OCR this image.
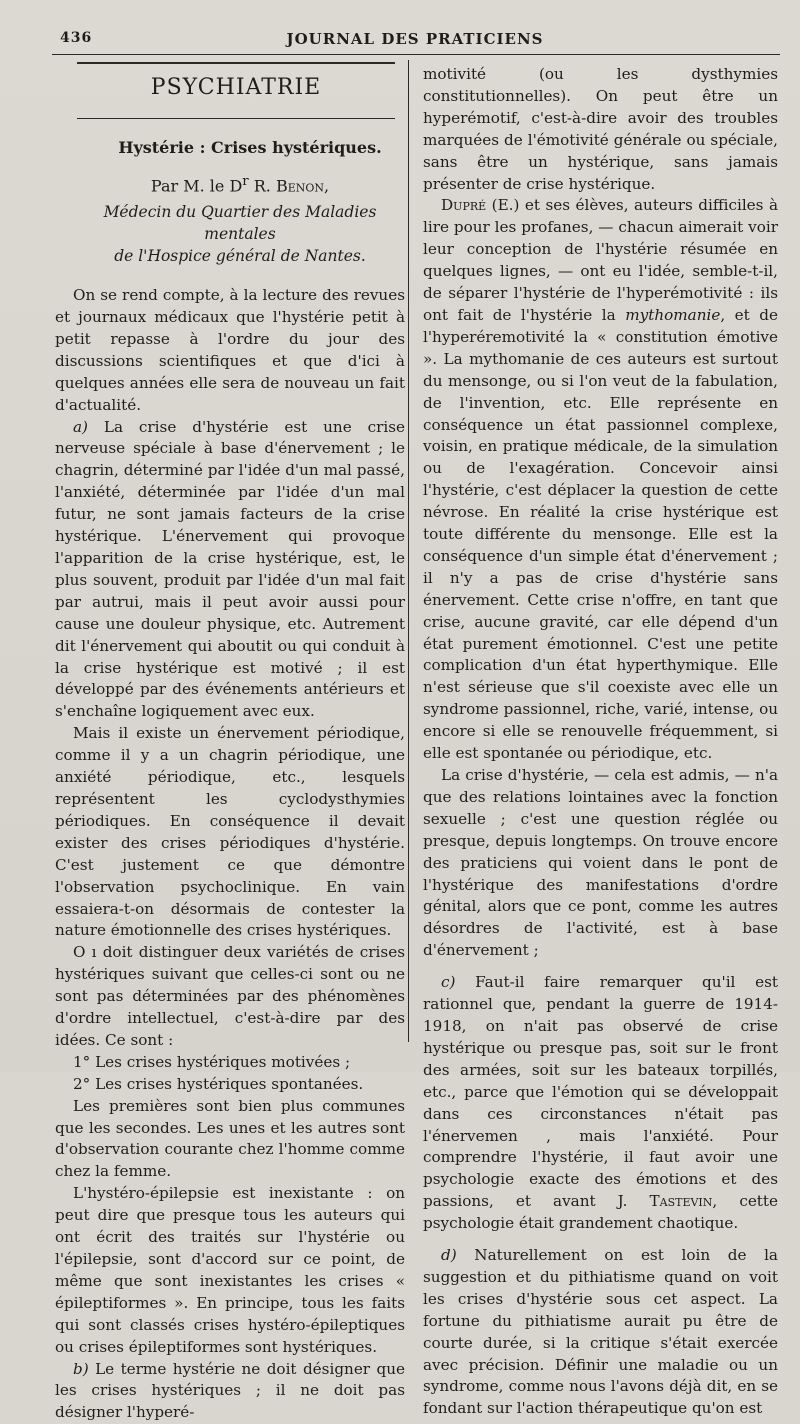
436	JOURNAL DES PRATICIENS
PSYCHIATRIE
Hystérie : Crises hystériques.
Par M. le $D^r$ R. Benon,
Médecin du Quartier des Maladies mentales
de l'Hospice général de Nantes.

On se rend compte, à la lecture des revues et journaux médicaux que l'hystérie petit à petit repasse à l'ordre du jour des discussions scientifiques et que d'ici à quelques années elle sera de nouveau un fait d'actualité.

a) La crise d'hystérie est une crise nerveuse spéciale à base d'énervement ; le chagrin, déterminé par l'idée d'un mal passé, l'anxiété, déterminée par l'idée d'un mal futur, ne sont jamais facteurs de la crise hystérique. L'énervement qui provoque l'apparition de la crise hystérique, est, le plus souvent, produit par l'idée d'un mal fait par autrui, mais il peut avoir aussi pour cause une douleur physique, etc. Autrement dit l'énervement qui aboutit ou qui conduit à la crise hystérique est motivé ; il est développé par des événements antérieurs et s'enchaîne logiquement avec eux.

Mais il existe un énervement périodique, comme il y a un chagrin périodique, une anxiété périodique, etc., lesquels représentent les cyclodysthymies périodiques. En conséquence il devait exister des crises périodiques d'hystérie. C'est justement ce que démontre l'observation psychoclinique. En vain essaiera-t-on désormais de contester la nature émotionnelle des crises hystériques.

O ı doit distinguer deux variétés de crises hystériques suivant que celles-ci sont ou ne sont pas déterminées par des phénomènes d'ordre intellectuel, c'est-à-dire par des idées. Ce sont :

1° Les crises hystériques motivées ;
2° Les crises hystériques spontanées.

Les premières sont bien plus communes que les secondes. Les unes et les autres sont d'observation courante chez l'homme comme chez la femme.

L'hystéro-épilepsie est inexistante : on peut dire que presque tous les auteurs qui ont écrit des traités sur l'hystérie ou l'épilepsie, sont d'accord sur ce point, de même que sont inexistantes les crises « épileptiformes ». En principe, tous les faits qui sont classés crises hystéro-épileptiques ou crises épileptiformes sont hystériques.

b) Le terme hystérie ne doit désigner que les crises hystériques ; il ne doit pas désigner l'hyperé-

motivité (ou les dysthymies constitutionnelles). On peut être un hyperémotif, c'est-à-dire avoir des troubles marquées de l'émotivité générale ou spéciale, sans être un hystérique, sans jamais présenter de crise hystérique.

Dupré (E.) et ses élèves, auteurs difficiles à lire pour les profanes, — chacun aimerait voir leur conception de l'hystérie résumée en quelques lignes, — ont eu l'idée, semble-t-il, de séparer l'hystérie de l'hyperémotivité : ils ont fait de l'hystérie la mythomanie, et de l'hyperéremotivité la « constitution émotive ». La mythomanie de ces auteurs est surtout du mensonge, ou si l'on veut de la fabulation, de l'invention, etc. Elle représente en conséquence un état passionnel complexe, voisin, en pratique médicale, de la simulation ou de l'exagération. Concevoir ainsi l'hystérie, c'est déplacer la question de cette névrose. En réalité la crise hystérique est toute différente du mensonge. Elle est la conséquence d'un simple état d'énervement ; il n'y a pas de crise d'hystérie sans énervement. Cette crise n'offre, en tant que crise, aucune gravité, car elle dépend d'un état purement émotionnel. C'est une petite complication d'un état hyperthymique. Elle n'est sérieuse que s'il coexiste avec elle un syndrome passionnel, riche, varié, intense, ou encore si elle se renouvelle fréquemment, si elle est spontanée ou périodique, etc.

La crise d'hystérie, — cela est admis, — n'a que des relations lointaines avec la fonction sexuelle ; c'est une question réglée ou presque, depuis longtemps. On trouve encore des praticiens qui voient dans le pont de l'hystérique des manifestations d'ordre génital, alors que ce pont, comme les autres désordres de l'activité, est à base d'énervement ;

c) Faut-il faire remarquer qu'il est rationnel que, pendant la guerre de 1914-1918, on n'ait pas observé de crise hystérique ou presque pas, soit sur le front des armées, soit sur les bateaux torpillés, etc., parce que l'émotion qui se développait dans ces circonstances n'était pas l'énervemen , mais l'anxiété. Pour comprendre l'hystérie, il faut avoir une psychologie exacte des émotions et des passions, et avant J. Tastevin, cette psychologie était grandement chaotique.

d) Naturellement on est loin de la suggestion et du pithiatisme quand on voit les crises d'hystérie sous cet aspect. La fortune du pithiatisme aurait pu être de courte durée, si la critique s'était exercée avec précision. Définir une maladie ou un syndrome, comme nous l'avons déjà dit, en se fondant sur l'action thérapeutique qu'on est
